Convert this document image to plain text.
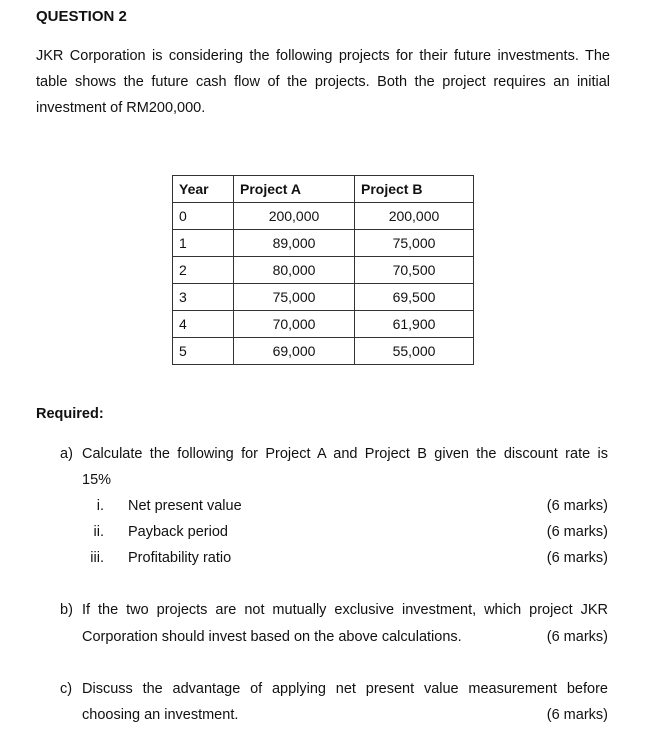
QUESTION 2
JKR Corporation is considering the following projects for their future investments. The
table shows the future cash flow of the projects. Both the project requires an initial
investment of RM200,000.
Year	Project A	Project B
0	200,000	200,000
1	89,000	75,000
2	80,000	70,500
3	75,000	69,500
4	70,000	61,900
5	69,000	55,000
Required:
a) Calculate the following for Project A and Project B given the discount rate is
15%
i. Net present value	(6 marks)
ii. Payback period	(6 marks)
iii. Profitability ratio	(6 marks)
b) If the two projects are not mutually exclusive investment, which project JKR
Corporation should invest based on the above calculations.	(6 marks)
c) Discuss the advantage of applying net present value measurement before
choosing an investment.	(6 marks)
